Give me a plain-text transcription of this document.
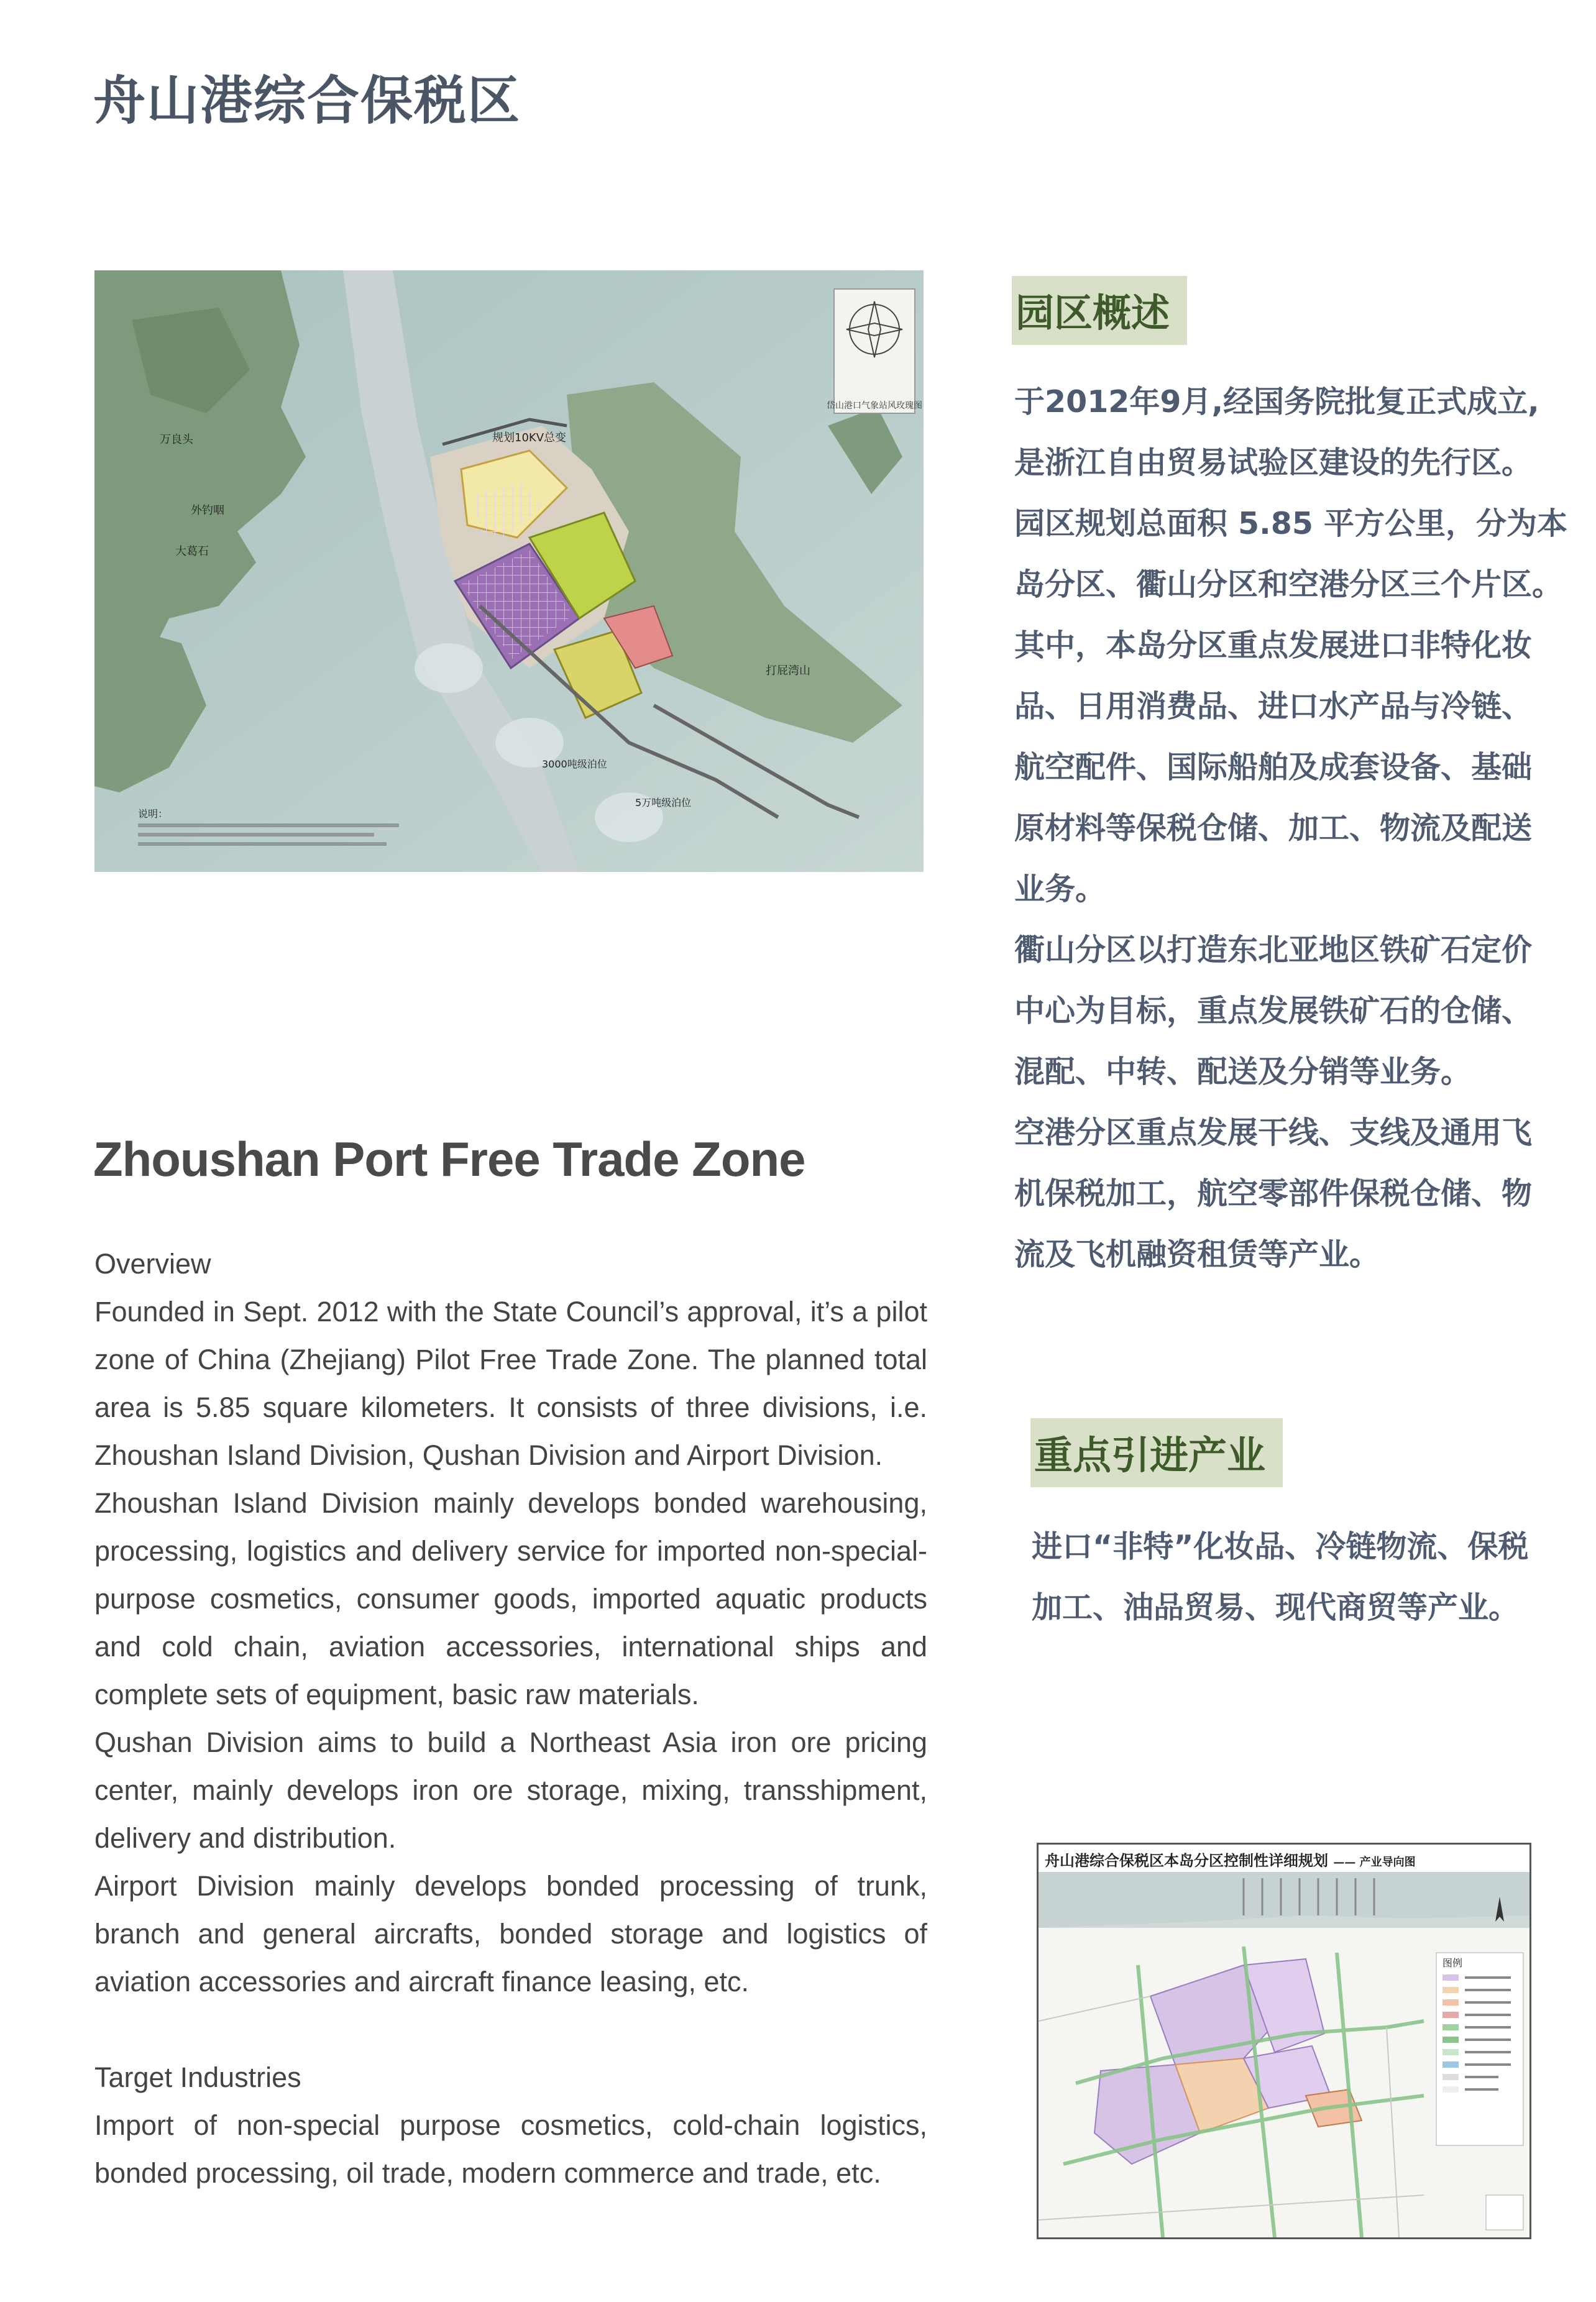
舟山港综合保税区
岱山港口气象站风玫瑰图
万良头
外钓咽
大葛石
规划10KV总变
打屁湾山
3000吨级泊位
5万吨级泊位
说明：
Zhoushan Port Free Trade Zone

Overview

Founded in Sept. 2012 with the State Council’s approval, it’s a pilot zone of China (Zhejiang) Pilot Free Trade Zone. The planned total area is 5.85 square kilometers. It consists of three divisions, i.e. Zhoushan Island Division, Qushan Division and Airport Division.

Zhoushan Island Division mainly develops bonded warehousing, processing, logistics and delivery service for imported non-special-purpose cosmetics, consumer goods, imported aquatic products and cold chain, aviation accessories, international ships and complete sets of equipment, basic raw materials.

Qushan Division aims to build a Northeast Asia iron ore pricing center, mainly develops iron ore storage, mixing, transshipment, delivery and distribution.

Airport Division mainly develops bonded processing of trunk, branch and general aircrafts, bonded storage and logistics of aviation accessories and aircraft finance leasing, etc.

Target Industries

Import of non-special purpose cosmetics, cold-chain logistics, bonded processing, oil trade, modern commerce and trade, etc.

园区概述

于2012年9月,经国务院批复正式成立,

是浙江自由贸易试验区建设的先行区。

园区规划总面积 5.85 平方公里，分为本

岛分区、衢山分区和空港分区三个片区。

其中，本岛分区重点发展进口非特化妆

品、日用消费品、进口水产品与冷链、

航空配件、国际船舶及成套设备、基础

原材料等保税仓储、加工、物流及配送

业务。

衢山分区以打造东北亚地区铁矿石定价

中心为目标，重点发展铁矿石的仓储、

混配、中转、配送及分销等业务。

空港分区重点发展干线、支线及通用飞

机保税加工，航空零部件保税仓储、物

流及飞机融资租赁等产业。

重点引进产业

进口“非特”化妆品、冷链物流、保税

加工、油品贸易、现代商贸等产业。

舟山港综合保税区本岛分区控制性详细规划 —— 产业导向图
图例
